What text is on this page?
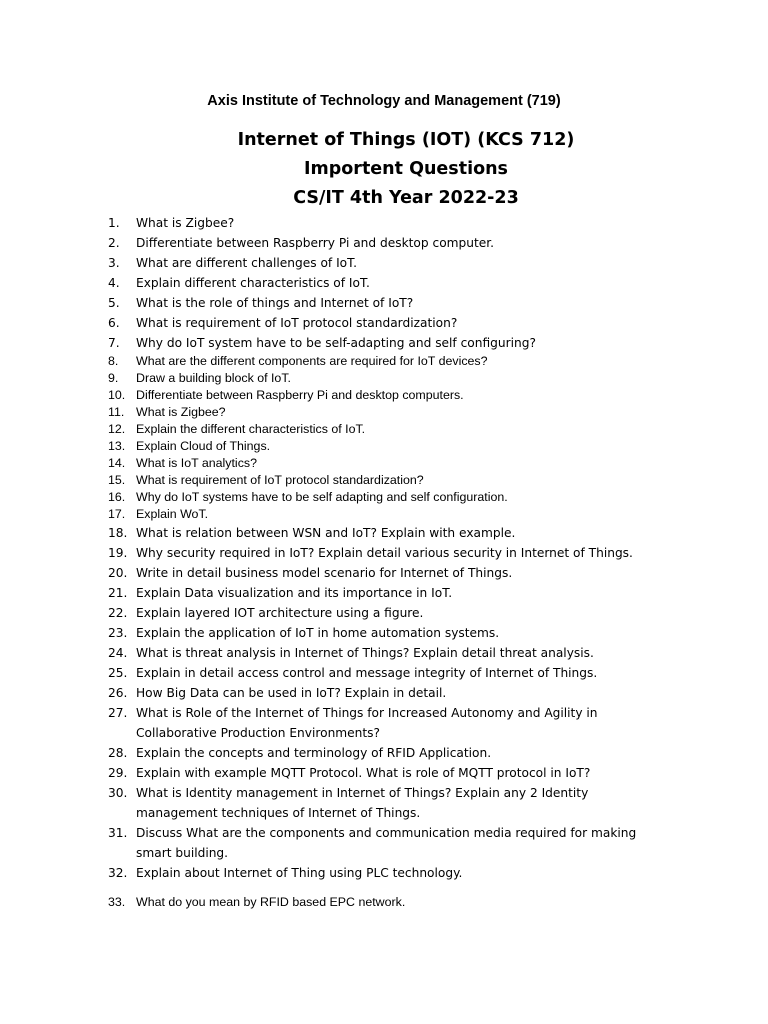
Axis Institute of Technology and Management (719)
Internet of Things (IOT) (KCS 712)
Importent Questions
CS/IT 4th Year 2022-23
1.	What is Zigbee?
2.	Differentiate between Raspberry Pi and desktop computer.
3.	What are different challenges of IoT.
4.	Explain different characteristics of IoT.
5.	What is the role of things and Internet of IoT?
6.	What is requirement of IoT protocol standardization?
7.	Why do IoT system have to be self-adapting and self configuring?
8.	What are the different components are required for IoT devices?
9.	Draw a building block of IoT.
10. Differentiate between Raspberry Pi and desktop computers.
11. What is Zigbee?
12. Explain the different characteristics of IoT.
13. Explain Cloud of Things.
14. What is IoT analytics?
15. What is requirement of IoT protocol standardization?
16. Why do IoT systems have to be self adapting and self configuration.
17. Explain WoT.
18. What is relation between WSN and IoT? Explain with example.
19. Why security required in IoT? Explain detail various security in Internet of Things.
20. Write in detail business model scenario for Internet of Things.
21. Explain Data visualization and its importance in IoT.
22. Explain layered IOT architecture using a figure.
23. Explain the application of IoT in home automation systems.
24. What is threat analysis in Internet of Things? Explain detail threat analysis.
25. Explain in detail access control and message integrity of Internet of Things.
26. How Big Data can be used in IoT? Explain in detail.
27. What is Role of the Internet of Things for Increased Autonomy and Agility in Collaborative Production Environments?
28. Explain the concepts and terminology of RFID Application.
29. Explain with example MQTT Protocol. What is role of MQTT protocol in IoT?
30. What is Identity management in Internet of Things? Explain any 2 Identity management techniques of Internet of Things.
31. Discuss What are the components and communication media required for making smart building.
32. Explain about Internet of Thing using PLC technology.
33. What do you mean by RFID based EPC network.
